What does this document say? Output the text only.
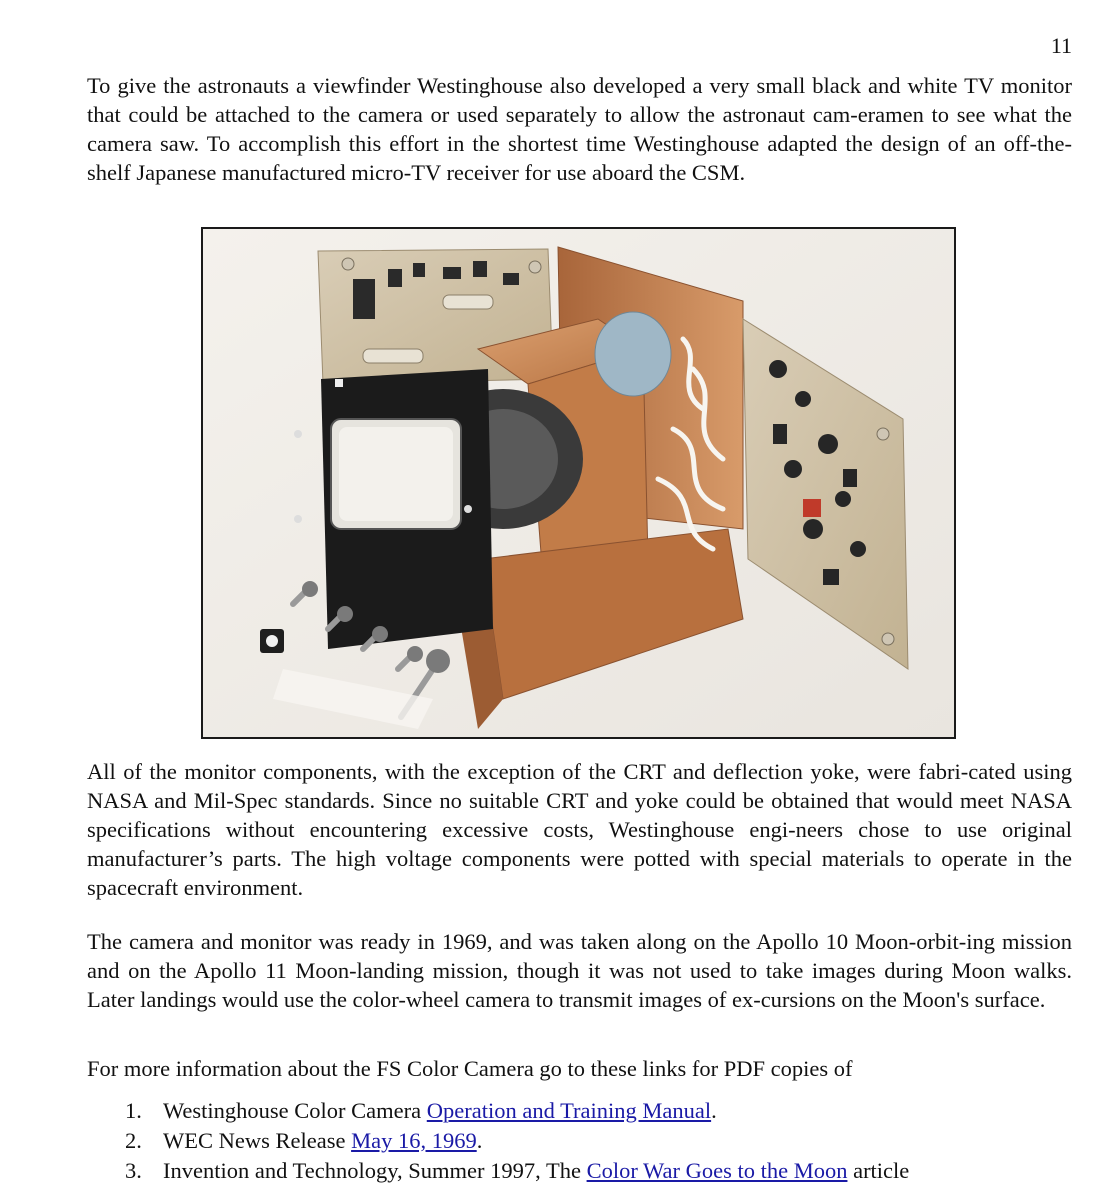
11

To give the astronauts a viewfinder Westinghouse also developed a very small black and white TV monitor that could be attached to the camera or used separately to allow the astronaut cam-eramen to see what the camera saw. To accomplish this effort in the shortest time Westinghouse adapted the design of an off-the-shelf Japanese manufactured micro-TV receiver for use aboard the CSM.

All of the monitor components, with the exception of the CRT and deflection yoke, were fabri-cated using NASA and Mil-Spec standards. Since no suitable CRT and yoke could be obtained that would meet NASA specifications without encountering excessive costs, Westinghouse engi-neers chose to use original manufacturer’s parts. The high voltage components were potted with special materials to operate in the spacecraft environment.

The camera and monitor was ready in 1969, and was taken along on the Apollo 10 Moon-orbit-ing mission and on the Apollo 11 Moon-landing mission, though it was not used to take images during Moon walks. Later landings would use the color-wheel camera to transmit images of ex-cursions on the Moon's surface.

For more information about the FS Color Camera go to these links for PDF copies of

1. Westinghouse Color Camera Operation and Training Manual.
2. WEC News Release May 16, 1969.
3. Invention and Technology, Summer 1997, The Color War Goes to the Moon article
